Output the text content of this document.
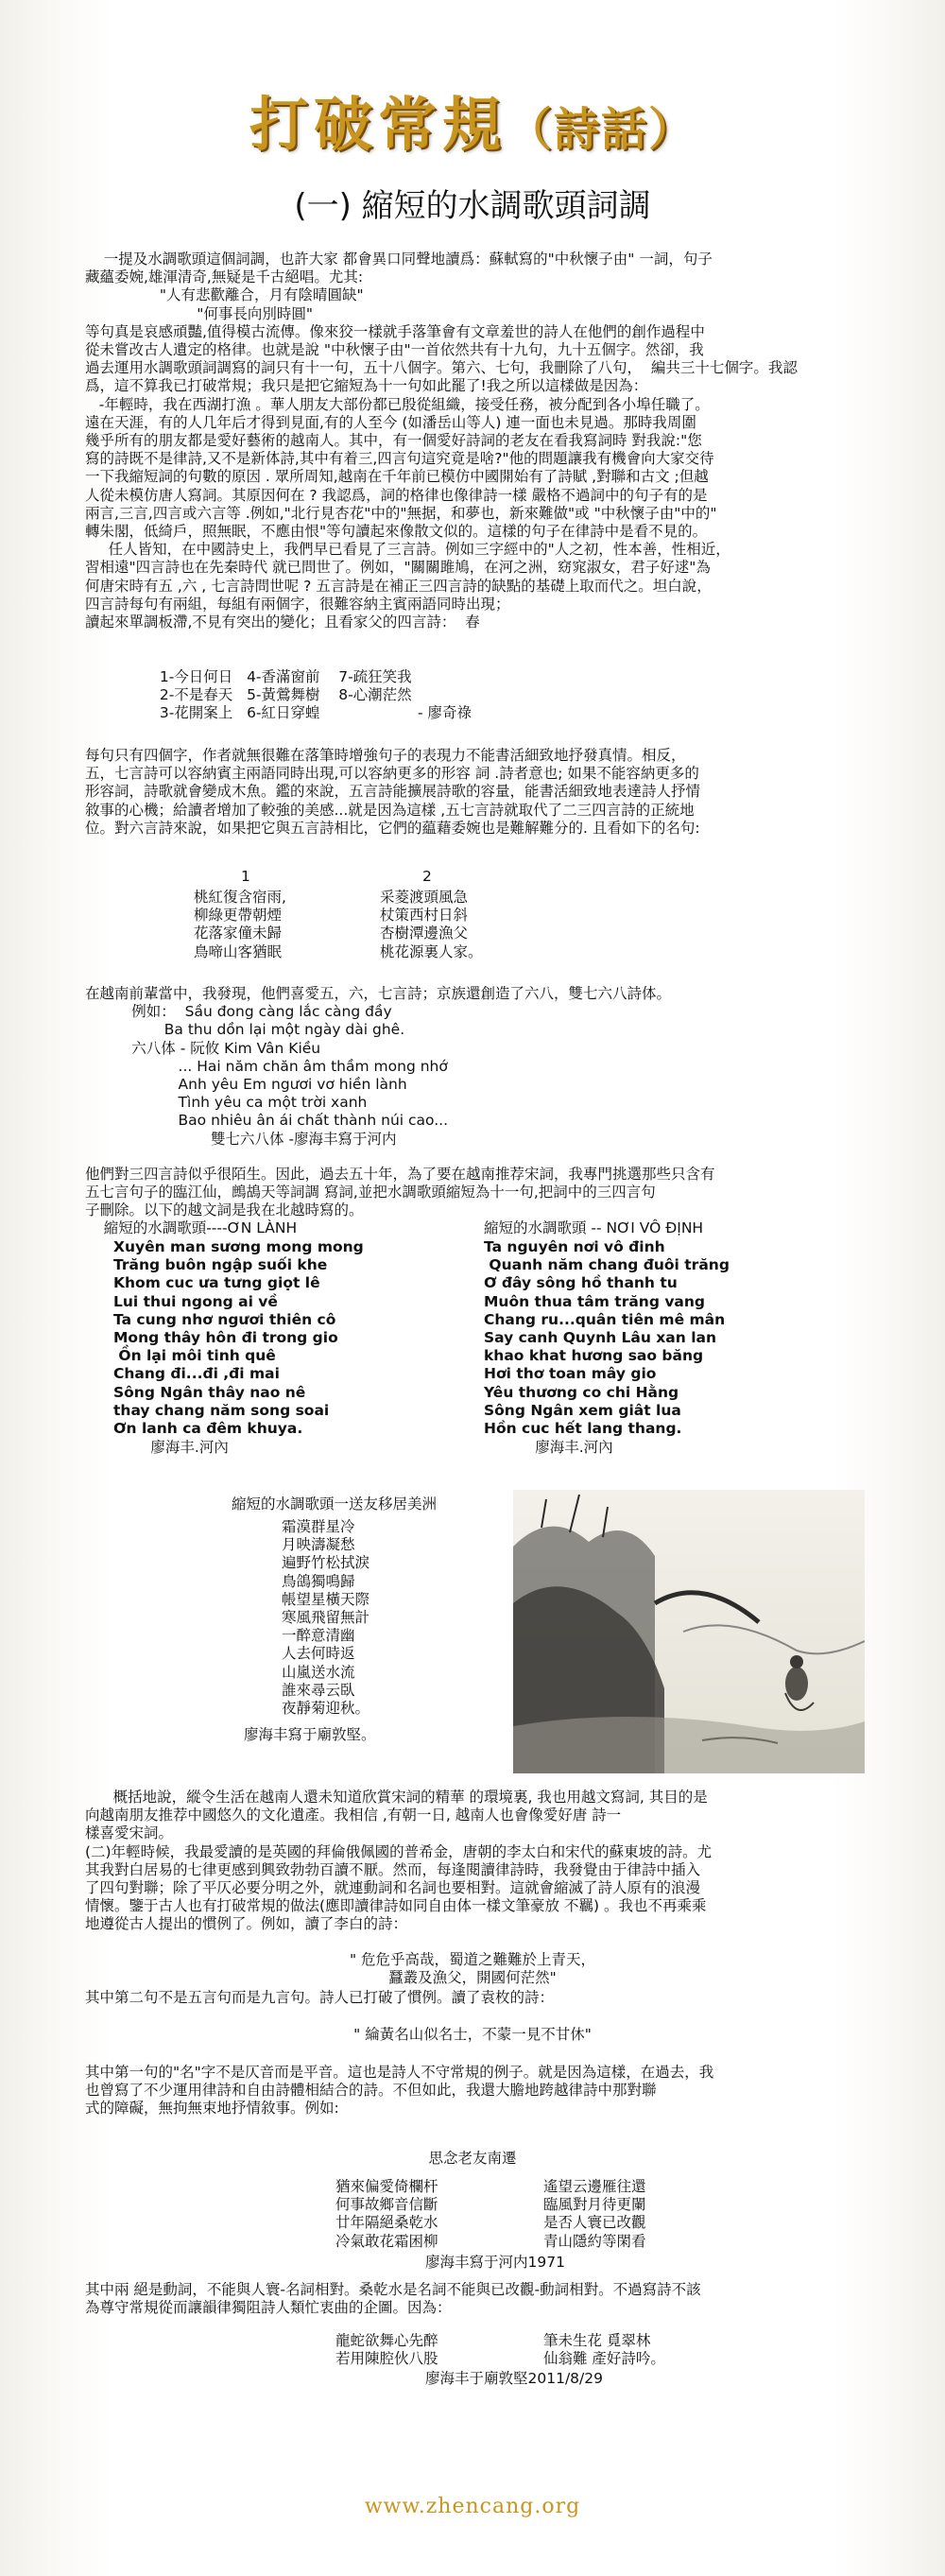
打破常規（詩話）
(一) 縮短的水調歌頭詞調
一提及水調歌頭這個詞調，也許大家 都會異口同聲地讀爲：蘇軾寫的"中秋懷子由" 一詞，句子
藏蘊委婉,雄渾清奇,無疑是千古絕唱。尤其:
"人有悲歡離合，月有陰晴圓缺"
"何事長向別時圓"
等句真是哀感頑豔,值得模古流傳。像來狡一樣就手落筆會有文章羞世的詩人在他們的創作過程中
從未嘗改古人遺定的格律。也就是說 "中秋懷子由"一首依然共有十九句，九十五個字。然卻，我
過去運用水調歌頭詞調寫的詞只有十一句，五十八個字。第六、七句，我刪除了八句，  編共三十七個字。我認
爲，這不算我已打破常規；我只是把它縮短為十一句如此罷了!我之所以這樣做是因為：
-年輕時，我在西湖打漁 。華人朋友大部份都已殷從組織，接受任務，被分配到各小埠任職了。
遠在天涯，有的人几年后才得到見面,有的人至今 (如潘岳山等人) 連一面也未見過。那時我周圍
幾乎所有的朋友都是愛好藝術的越南人。其中，有一個愛好詩詞的老友在看我寫詞時 對我說:"您
寫的詩既不是律詩,又不是新体詩,其中有着三,四言句這究竟是啥?"他的問題讓我有機會向大家交待
一下我縮短詞的句數的原因 . 眾所周知,越南在千年前已模仿中國開始有了詩賦 ,對聯和古文 ;但越
人從未模仿唐人寫詞。其原因何在 ? 我認爲，詞的格律也像律詩一樣 嚴格不過詞中的句子有的是
兩言,三言,四言或六言等 .例如,"北行見杏花"中的"無据，和夢也，新來難做"或 "中秋懷子由"中的"
轉朱閣，低綺戶，照無眠，不應由恨"等句讀起來像散文似的。這樣的句子在律詩中是看不見的。
任人皆知，在中國詩史上，我們早已看見了三言詩。例如三字經中的"人之初，性本善，性相近，
習相遠"四言詩也在先秦時代 就已問世了。例如，"關關雎鳩，在河之洲，窈窕淑女，君子好逑"為
何唐宋時有五 ,六 , 七言詩問世呢 ? 五言詩是在補正三四言詩的缺點的基礎上取而代之。坦白說，
四言詩每句有兩組，每組有兩個字，很難容納主賓兩語同時出現；
讀起來單調板滯,不見有突出的變化；且看家父的四言詩：  春
1-今日何日   4-香滿窗前    7-疏狂笑我
2-不是春天   5-黃鶯舞樹    8-心潮茫然
3-花開案上   6-紅日穿蝗                     - 廖奇祿
每句只有四個字，作者就無很難在落筆時增強句子的表現力不能書活細致地抒發真情。相反，
五，七言詩可以容納賓主兩語同時出現,可以容納更多的形容 詞 .詩者意也; 如果不能容納更多的
形容詞，詩歌就會變成木魚。鑑的來說，五言詩能擴展詩歌的容量，能書活細致地表達詩人抒情
敘事的心機；給讀者增加了較強的美感...就是因為這樣 ,五七言詩就取代了二三四言詩的正統地
位。對六言詩來說，如果把它與五言詩相比，它們的藴藉委婉也是難解難分的. 且看如下的名句:
1	2
桃紅復含宿雨,
柳綠更帶朝煙
花落家僮未歸
鳥啼山客猶眠
采菱渡頭風急
杖策西村日斜
杏樹潭邊漁父
桃花源裏人家。
在越南前輩當中，我發現，他們喜愛五，六，七言詩；京族還創造了六八，雙七六八詩体。
例如：  Sầu đong càng lắc càng đầy
Ba thu dồn lại một ngày dài ghê.
六八体 - 阮攸 Kim Vân Kiều
... Hai năm chăn âm thầm mong nhớ
Anh yêu Em ngươi vơ hiền lành
Tình yêu ca một trời xanh
Bao nhiêu ân ái chất thành núi cao...
雙七六八体 -廖海丰寫于河内
他們對三四言詩似乎很陌生。因此，過去五十年，為了要在越南推荐宋詞，我專門挑選那些只含有
五七言句子的臨江仙，鷓鴣天等詞調 寫詞,並把水調歌頭縮短為十一句,把詞中的三四言句
子刪除。以下的越文詞是我在北越時寫的。
縮短的水調歌頭----ƠN LÀNH
Xuyên man sương mong mong
Trăng buôn ngập suối khe
Khom cuc ưa tưng giọt lê
Lui thui ngong ai về
Ta cung nhơ ngươi thiên cô
Mong thây hôn đi trong gio
Ồn lại môi tinh quê
Chang đi...đi ,đi mai
Sông Ngân thây nao nê
thay chang năm song soai
Ơn lanh ca đêm khuya.
廖海丰.河內
縮短的水調歌頭 -- NƠI VÔ ĐỊNH
Ta nguyên nơi vô đinh
Quanh năm chang đuôi trăng
Ơ đây sông hồ thanh tu
Muôn thua tâm trăng vang
Chang ru...quân tiên mê mân
Say canh Quynh Lâu xan lan
khao khat hương sao băng
Hơi thơ toan mây gio
Yêu thương co chi Hằng
Sông Ngân xem giât lua
Hồn cuc hết lang thang.
廖海丰.河內
縮短的水調歌頭一送友移居美洲
霜漠群星冷
月映濤凝愁
遍野竹松拭淚
鳥鴿獨鳴歸
帳望星橫天際
寒風飛留無計
一醉意清幽
人去何時返
山嵐送水流
誰來尋云臥
夜靜菊迎秋。
廖海丰寫于廟敦堅。
概括地說，縱令生活在越南人還未知道欣賞宋詞的精華 的環境裏, 我也用越文寫詞, 其目的是
向越南朋友推荐中國悠久的文化遺產。我相信 ,有朝一日, 越南人也會像愛好唐 詩一
樣喜愛宋詞。
(二)年輕時候，我最愛讀的是英國的拜倫俄佩國的普希金，唐朝的李太白和宋代的蘇東坡的詩。尤
其我對白居易的七律更感到興致勃勃百讀不厭。然而，每逢閱讀律詩時，我發覺由于律詩中插入
了四句對聯；除了平仄必要分明之外，就連動詞和名詞也要相對。這就會縮滅了詩人原有的浪漫
情懷。鑒于古人也有打破常規的做法(應即讀律詩如同自由体一樣文筆豪放 不羈) 。我也不再乘乘
地遵從古人提出的慣例了。例如，讀了李白的詩：
" 危危乎高哉，蜀道之難難於上青天，
蠶叢及漁父，開國何茫然"
其中第二句不是五言句而是九言句。詩人已打破了慣例。讀了袁枚的詩：
" 綸黃名山似名士，不蒙一見不甘休"
其中第一句的"名"字不是仄音而是平音。這也是詩人不守常規的例子。就是因為這樣，在過去，我
也曾寫了不少運用律詩和自由詩體相結合的詩。不但如此，我還大膽地跨越律詩中那對聯
式的障礙，無拘無束地抒情敘事。例如:
思念老友南遷
猶來偏愛倚欄杆
何事故鄉音信斷
廿年隔絕桑乾水
冷氣敢花霜困柳
遙望云邊雁往還
臨風對月待更闌
是否人寰已改觀
青山隱約等閑看
廖海丰寫于河内1971
其中兩 絕是動詞，不能與人寰-名詞相對。桑乾水是名詞不能與已改觀-動詞相對。不過寫詩不該
為尊守常規從而讓韻律獨阻詩人類忙衷曲的企圖。因為：
龍蛇欲舞心先醉
若用陳腔伙八股
筆未生花 覓翠林
仙翁難 產好詩吟。
廖海丰于廟敦堅2011/8/29
www.zhencang.org
